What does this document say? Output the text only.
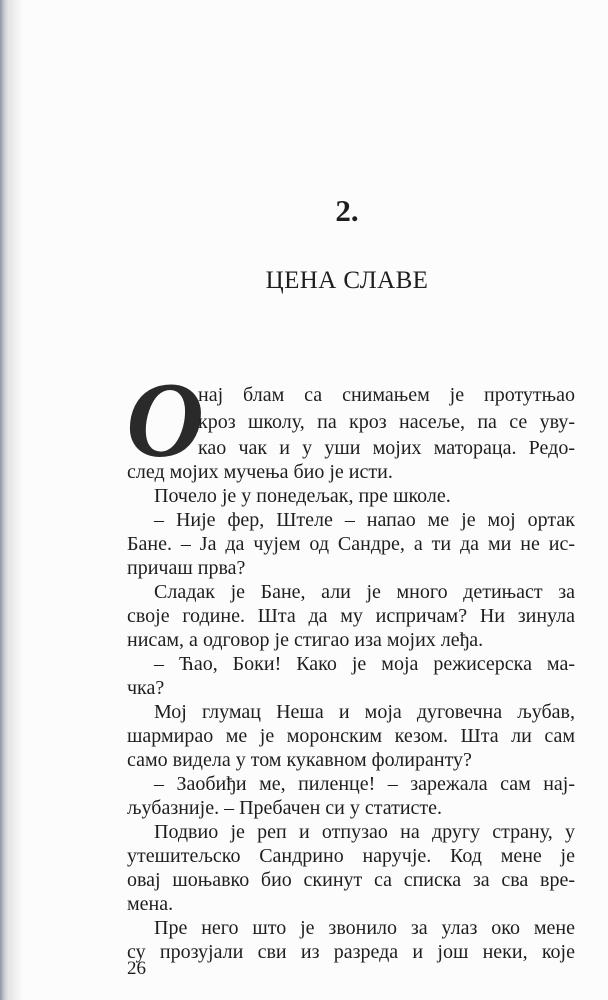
2.
ЦЕНА СЛАВЕ
О
наj блам са снимањем jе протутњао
кроз школу, па кроз насеље, па се уву-
као чак и у уши моjих матораца. Редо-
след моjих мучења био jе исти.
Почело jе у понедељак, пре школе.
– Ниjе фер, Штеле – напао ме jе моj ортак
Бане. – Jа да чуjем од Сандре, а ти да ми не ис-
причаш прва?
Сладак jе Бане, али jе много детињаст за
своjе године. Шта да му испричам? Ни зинула
нисам, а одговор jе стигао иза моjих леђа.
– Ћао, Боки! Како jе моjа режисерска ма-
чка?
Моj глумац Неша и моjа дуговечна љубав,
шармирао ме jе моронским кезом. Шта ли сам
само видела у том кукавном фолиранту?
– Заобиђи ме, пиленце! – зарежала сам наj-
љубазниjе. – Пребачен си у статисте.
Подвио jе реп и отпузао на другу страну, у
утешитељско Сандрино наручjе. Код мене jе
оваj шоњавко био скинут са списка за сва вре-
мена.
Пре него што jе звонило за улаз око мене
су прозуjали сви из разреда и још неки, коjе
26
